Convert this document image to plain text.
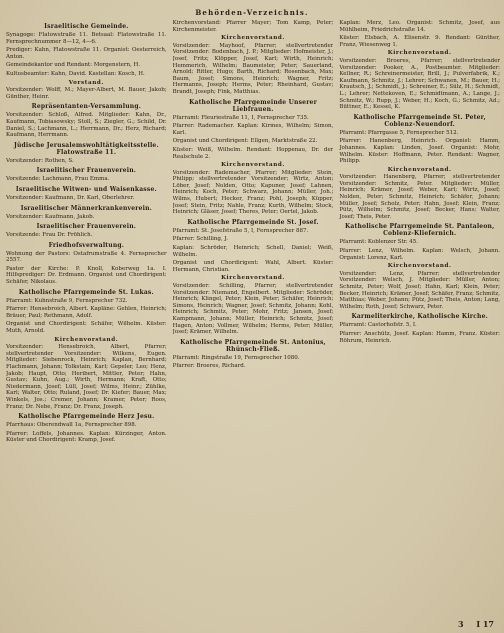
Behörden-Verzeichnis.
Israelitische Gemeinde.

Synagoge: Flatowstraße 11. Betsaal: Flatowstraße 11. Fernsprechnummer 8—12, 4—6.

Prediger: Kahn, Flatowstraße 11. Organist: Oesterreich, Anton.

Gemeindekantor und Rendant: Morgenstern, H.

Kultusbeamter: Kahn, David. Kastellan: Kosch, H.

Vorstand.

Vorsitzender: Wolff, M.; Mayer-Albert, M. Bauer, Jakob; Günther, Heinr.

Repräsentanten-Versammlung.

Vorsitzender: Schloß, Alfred. Mitglieder: Kahn, Dr., Kaufmann, Tobiasowsky; Stoll, S.; Ziegler, G.; Schild, Dr. Daniel, S.; Lachmann, L.; Herrmann, Dr.; Herz, Richard; Kaufmann, Herrmann.

Jüdische Jerusalemswohltätigkeitsstelle. Flatowstraße 11.

Vorsitzender: Rothen, S.

Israelitischer Frauenverein.

Vorsitzende: Lachmann, Frau Emma.

Israelitische Witwen- und Waisenkasse.

Vorsitzender: Kaufmann, Dr. Karl, Oberlehrer.

Israelitischer Männerkrankenverein.

Vorsitzender: Kaufmann, Jakob.

Israelitischer Frauenverein.

Vorsitzende: Frau Dr. Fröhlich.

Friedhofsverwaltung.

Wohnung der Pastors: Ostafrumstraße 4. Fernsprecher 2557.

Pastor der Kirche: P. Knoll, Koberweg 1a. I. Hilfsprediger: Dr. Erdmann. Organist und Chordirigent: Schäfer, Nikolaus.

Katholische Pfarrgemeinde St. Lukas.

Pfarramt: Kuhnstraße 9, Fernsprecher 732.

Pfarrer: Hensebroich, Albert. Kapläne: Gehlen, Heinrich; Bräuer, Paul; Rethmann, Adolf.

Organist und Chordirigent: Schäfer, Wilhelm. Küster: Muth, Arnold.

Kirchenvorstand.

Vorsitzender: Hensebroich, Albert, Pfarrer; stellvertretender Vorsitzender: Wilkens, Eugen. Mitglieder: Siebenrock, Heinrich; Kaplan, Bernhard; Flachmann, Johann; Tolkstain, Karl; Gepeler, Leo; Henz, Jakob; Haupt, Otto; Heribert, Mittler, Peter; Hahn, Gustav; Kuhn, Aug.; Wirth, Hermann; Kraft, Otto; Niedermann, Josef; Lüll, Josef; Wilms, Heinr.; Zühlke, Karl; Walter, Otto; Ruland, Josef; Dr. Kiefer; Bauer, Max; Winkels, Jos.; Cremer, Johann; Kramer, Peter; Roos, Franz; Dr. Nebe, Franz; Dr. Franz, Joseph.

Katholische Pfarrgemeinde Herz Jesu.

Pfarrhaus: Oberendwall 1a, Fernsprecher 898.

Pfarrer: Loffels, Johannes. Kaplan: Kürzinger, Anton. Küster und Chordirigent: Kramp, Josef.

Kirchenvorstand: Pfarrer Mayer; Tom Kamp, Peter; Kirchenmeister.

Kirchenvorstand.

Vorsitzender: Mayhoof, Pfarrer; stellvertretender Vorsitzender: Bodenbach, J. P.; Mitglieder: Hofmeister, J.; Josef, Fritz; Klöpper, Josef, Karl; Wirth, Heinrich; Hemmerich, Wilhelm; Baumeister, Peter; Sauerland, Arnold; Ritter, Hugo; Barth, Richard; Rosenbach, Max; Baum, Josef; Simons, Heinrich; Wagner, Fritz; Hermanns, Joseph; Herms, Peter; Rheinhard, Gustav; Brandt, Joseph; Fink, Matthias.

Katholische Pfarrgemeinde Unserer Liebfrauen.

Pfarramt: Fleuriestraße 11, I, Fernsprecher 735.

Pfarrer: Rademacher. Kaplan: Kirmes, Wilhelm; Simon, Karl.

Organist und Chordirigent: Ellgen, Marktstraße 22.

Küster: Weiß, Wilhelm. Rendant: Hoppenau, Dr. der Realschule 2.

Kirchenvorstand.

Vorsitzender: Rademacher, Pfarrer; Mitglieder: Stein, Philipp; stellvertretender Vorsitzender; Wirtz, Anton; Löber, Josef; Nolden, Otto; Kapuner, Josef; Lahnen, Heinrich; Koch, Peter; Schwarz, Johann; Müller, Joh.; Wilms, Hubert; Hecker, Franz; Pohl, Joseph; Küpper, Josef; Stein, Fritz; Nahle, Franz; Kurth, Wilhelm; Stock, Heinrich; Gläser, Josef; Theres, Peter; Oertel, Jakob.

Katholische Pfarrgemeinde St. Josef.

Pfarramt: St. Josefstraße 5, I, Fernsprecher 887.

Pfarrer: Schilling, J.

Kaplan: Schröder, Heinrich; Schell, Daniel; Weiß, Wilhelm.

Organist und Chordirigent: Wahl, Albert. Küster: Hermann, Christian.

Kirchenvorstand.

Vorsitzender: Schilling, Pfarrer; stellvertretender Vorsitzender: Niemand, Engelbert. Mitglieder: Schröder, Heinrich; Klingel, Peter; Klein, Peter; Schäfer, Heinrich; Simons, Heinrich; Wagner, Josef; Schmitz, Johann; Kohl, Heinrich; Schmitz, Peter; Mohr, Fritz; Jansen, Josef; Kampmann, Johann; Müller, Heinrich; Schmitz, Josef; Hagen, Anton; Vollmer, Wilhelm; Herms, Peter; Müller, Josef; Krämer, Wilhelm.

Katholische Pfarrgemeinde St. Antonius, Rhünsch-Fließ.

Pfarramt: Ringstraße 19, Fernsprecher 1080.

Pfarrer: Broeres, Richard.

Kaplan: Merz, Leo. Organist: Schmitz, Josef, aus Mühlheim, Friedrichstraße 14.

Küster: Elsbach, A. Elisenstr. 9. Rendant: Günther, Franz, Wiesenweg 1.

Kirchenvorstand.

Vorsitzender: Broeres, Pfarrer; stellvertretender Vorsitzender: Pooker, A., Postbeamter. Mitglieder: Kellner, R.; Schreinermeister, Brill, J.; Pulverfabrik, K.; Kaufmann, Schmitz, J.; Lehrer; Schwanen, M.; Bauer, H.; Krautsch, J.; Schmidt, J.; Schreiner, E.; Sülz, H.; Schmidt, L.; Lehrer; Nettekoven, E.; Schmidtmann, A.; Lange, J.; Schmitz, W.; Rupp, J.; Weber, H.; Koch, G.; Schmitz, Ad.; Büttner, E.; Kessel, K.

Katholische Pfarrgemeinde St. Peter, Coblenz-Neuendorf.

Pfarramt: Pfarrgasse 5, Fernsprecher 512.

Pfarrer: Hanenberg, Heinrich. Organist: Hamm, Johannes. Kaplan: Linden, Josef. Organist: Mohr, Wilhelm. Küster: Hoffmann, Peter. Rendant: Wagner, Philipp.

Kirchenvorstand.

Vorsitzender: Hanenberg, Pfarrer; stellvertretender Vorsitzender: Schmitz, Peter. Mitglieder: Müller, Heinrich; Krämer, Josef; Weber, Karl; Wirtz, Josef; Nolden, Peter; Schmitz, Heinrich; Schäfer, Johann; Müller, Josef; Scholz, Peter; Hahn, Josef; Klein, Franz; Pütz, Wilhelm; Schmitz, Josef; Becker, Hans; Walter, Josef; Theis, Peter.

Katholische Pfarrgemeinde St. Pantaleon, Coblenz-Kliefernich.

Pfarramt: Koblenzer Str. 45.

Pfarrer: Lenz, Wilhelm. Kaplan: Welsch, Johann. Organist: Lorenz, Karl.

Kirchenvorstand.

Vorsitzender: Lenz, Pfarrer; stellvertretender Vorsitzender: Welsch, J. Mitglieder: Müller, Anton; Schmitz, Peter; Wolf, Josef; Hahn, Karl; Klein, Peter; Becker, Heinrich; Krämer, Josef; Schäfer, Franz; Schmitz, Matthias; Weber, Johann; Pütz, Josef; Theis, Anton; Lang, Wilhelm; Roth, Josef; Schwarz, Peter.

Karmeliterkirche, Katholische Kirche.

Pfarramt: Castorhofstr. 5, I.

Pfarrer: Anschütz, Josef. Kaplan: Hamm, Franz. Küster: Röhrum, Heinrich.

3 I 17
